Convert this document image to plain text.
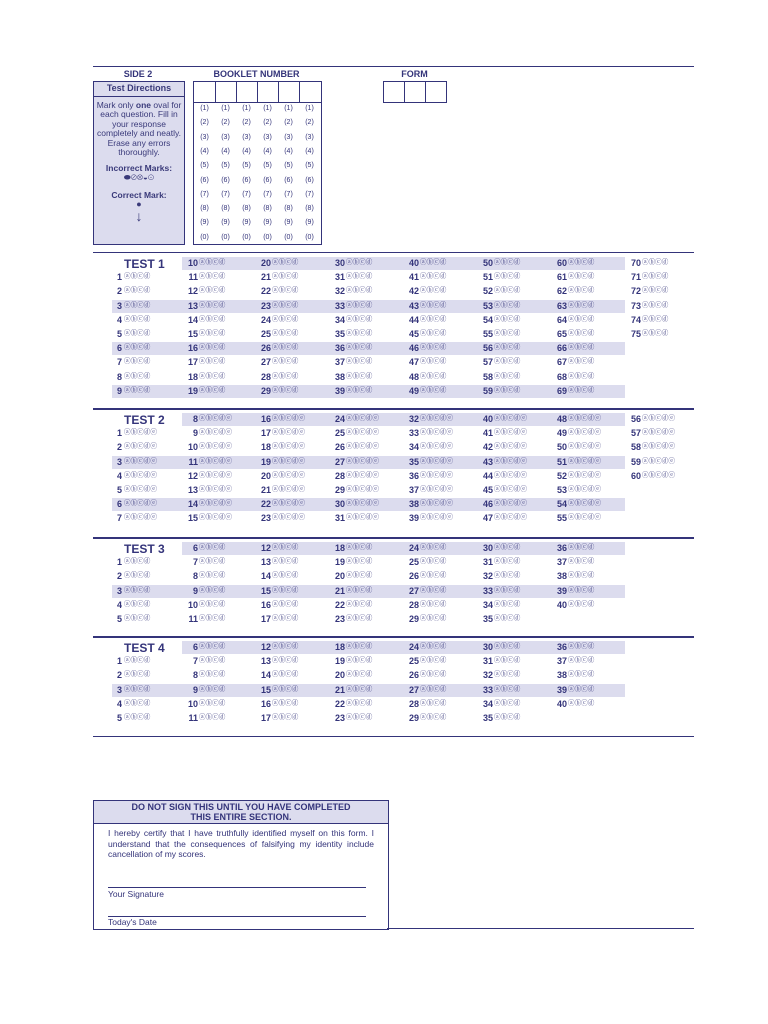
SIDE 2	BOOKLET NUMBER	FORM
Test Directions

Mark only one oval for each question. Fill in your response completely and neatly. Erase any errors thoroughly.

Incorrect Marks:
⬬⊘⊗◒⊙
Correct Mark:
●
↓
(1)	(1)	(1)	(1)	(1)	(1)
(2)	(2)	(2)	(2)	(2)	(2)
(3)	(3)	(3)	(3)	(3)	(3)
(4)	(4)	(4)	(4)	(4)	(4)
(5)	(5)	(5)	(5)	(5)	(5)
(6)	(6)	(6)	(6)	(6)	(6)
(7)	(7)	(7)	(7)	(7)	(7)
(8)	(8)	(8)	(8)	(8)	(8)
(9)	(9)	(9)	(9)	(9)	(9)
(0)	(0)	(0)	(0)	(0)	(0)
TEST 1
1 ⓐⓑⓒⓓ
2 ⓐⓑⓒⓓ
3 ⓐⓑⓒⓓ
4 ⓐⓑⓒⓓ
5 ⓐⓑⓒⓓ
6 ⓐⓑⓒⓓ
7 ⓐⓑⓒⓓ
8 ⓐⓑⓒⓓ
9 ⓐⓑⓒⓓ
10 ⓐⓑⓒⓓ
11 ⓐⓑⓒⓓ
12 ⓐⓑⓒⓓ
13 ⓐⓑⓒⓓ
14 ⓐⓑⓒⓓ
15 ⓐⓑⓒⓓ
16 ⓐⓑⓒⓓ
17 ⓐⓑⓒⓓ
18 ⓐⓑⓒⓓ
19 ⓐⓑⓒⓓ
20 ⓐⓑⓒⓓ
21 ⓐⓑⓒⓓ
22 ⓐⓑⓒⓓ
23 ⓐⓑⓒⓓ
24 ⓐⓑⓒⓓ
25 ⓐⓑⓒⓓ
26 ⓐⓑⓒⓓ
27 ⓐⓑⓒⓓ
28 ⓐⓑⓒⓓ
29 ⓐⓑⓒⓓ
30 ⓐⓑⓒⓓ
31 ⓐⓑⓒⓓ
32 ⓐⓑⓒⓓ
33 ⓐⓑⓒⓓ
34 ⓐⓑⓒⓓ
35 ⓐⓑⓒⓓ
36 ⓐⓑⓒⓓ
37 ⓐⓑⓒⓓ
38 ⓐⓑⓒⓓ
39 ⓐⓑⓒⓓ
40 ⓐⓑⓒⓓ
41 ⓐⓑⓒⓓ
42 ⓐⓑⓒⓓ
43 ⓐⓑⓒⓓ
44 ⓐⓑⓒⓓ
45 ⓐⓑⓒⓓ
46 ⓐⓑⓒⓓ
47 ⓐⓑⓒⓓ
48 ⓐⓑⓒⓓ
49 ⓐⓑⓒⓓ
50 ⓐⓑⓒⓓ
51 ⓐⓑⓒⓓ
52 ⓐⓑⓒⓓ
53 ⓐⓑⓒⓓ
54 ⓐⓑⓒⓓ
55 ⓐⓑⓒⓓ
56 ⓐⓑⓒⓓ
57 ⓐⓑⓒⓓ
58 ⓐⓑⓒⓓ
59 ⓐⓑⓒⓓ
60 ⓐⓑⓒⓓ
61 ⓐⓑⓒⓓ
62 ⓐⓑⓒⓓ
63 ⓐⓑⓒⓓ
64 ⓐⓑⓒⓓ
65 ⓐⓑⓒⓓ
66 ⓐⓑⓒⓓ
67 ⓐⓑⓒⓓ
68 ⓐⓑⓒⓓ
69 ⓐⓑⓒⓓ
70 ⓐⓑⓒⓓ
71 ⓐⓑⓒⓓ
72 ⓐⓑⓒⓓ
73 ⓐⓑⓒⓓ
74 ⓐⓑⓒⓓ
75 ⓐⓑⓒⓓ
TEST 2
1 ⓐⓑⓒⓓⓔ
2 ⓐⓑⓒⓓⓔ
3 ⓐⓑⓒⓓⓔ
4 ⓐⓑⓒⓓⓔ
5 ⓐⓑⓒⓓⓔ
6 ⓐⓑⓒⓓⓔ
7 ⓐⓑⓒⓓⓔ
8 ⓐⓑⓒⓓⓔ
9 ⓐⓑⓒⓓⓔ
10 ⓐⓑⓒⓓⓔ
11 ⓐⓑⓒⓓⓔ
12 ⓐⓑⓒⓓⓔ
13 ⓐⓑⓒⓓⓔ
14 ⓐⓑⓒⓓⓔ
15 ⓐⓑⓒⓓⓔ
16 ⓐⓑⓒⓓⓔ
17 ⓐⓑⓒⓓⓔ
18 ⓐⓑⓒⓓⓔ
19 ⓐⓑⓒⓓⓔ
20 ⓐⓑⓒⓓⓔ
21 ⓐⓑⓒⓓⓔ
22 ⓐⓑⓒⓓⓔ
23 ⓐⓑⓒⓓⓔ
24 ⓐⓑⓒⓓⓔ
25 ⓐⓑⓒⓓⓔ
26 ⓐⓑⓒⓓⓔ
27 ⓐⓑⓒⓓⓔ
28 ⓐⓑⓒⓓⓔ
29 ⓐⓑⓒⓓⓔ
30 ⓐⓑⓒⓓⓔ
31 ⓐⓑⓒⓓⓔ
32 ⓐⓑⓒⓓⓔ
33 ⓐⓑⓒⓓⓔ
34 ⓐⓑⓒⓓⓔ
35 ⓐⓑⓒⓓⓔ
36 ⓐⓑⓒⓓⓔ
37 ⓐⓑⓒⓓⓔ
38 ⓐⓑⓒⓓⓔ
39 ⓐⓑⓒⓓⓔ
40 ⓐⓑⓒⓓⓔ
41 ⓐⓑⓒⓓⓔ
42 ⓐⓑⓒⓓⓔ
43 ⓐⓑⓒⓓⓔ
44 ⓐⓑⓒⓓⓔ
45 ⓐⓑⓒⓓⓔ
46 ⓐⓑⓒⓓⓔ
47 ⓐⓑⓒⓓⓔ
48 ⓐⓑⓒⓓⓔ
49 ⓐⓑⓒⓓⓔ
50 ⓐⓑⓒⓓⓔ
51 ⓐⓑⓒⓓⓔ
52 ⓐⓑⓒⓓⓔ
53 ⓐⓑⓒⓓⓔ
54 ⓐⓑⓒⓓⓔ
55 ⓐⓑⓒⓓⓔ
56 ⓐⓑⓒⓓⓔ
57 ⓐⓑⓒⓓⓔ
58 ⓐⓑⓒⓓⓔ
59 ⓐⓑⓒⓓⓔ
60 ⓐⓑⓒⓓⓔ
TEST 3
1 ⓐⓑⓒⓓ
2 ⓐⓑⓒⓓ
3 ⓐⓑⓒⓓ
4 ⓐⓑⓒⓓ
5 ⓐⓑⓒⓓ
6 ⓐⓑⓒⓓ
7 ⓐⓑⓒⓓ
8 ⓐⓑⓒⓓ
9 ⓐⓑⓒⓓ
10 ⓐⓑⓒⓓ
11 ⓐⓑⓒⓓ
12 ⓐⓑⓒⓓ
13 ⓐⓑⓒⓓ
14 ⓐⓑⓒⓓ
15 ⓐⓑⓒⓓ
16 ⓐⓑⓒⓓ
17 ⓐⓑⓒⓓ
18 ⓐⓑⓒⓓ
19 ⓐⓑⓒⓓ
20 ⓐⓑⓒⓓ
21 ⓐⓑⓒⓓ
22 ⓐⓑⓒⓓ
23 ⓐⓑⓒⓓ
24 ⓐⓑⓒⓓ
25 ⓐⓑⓒⓓ
26 ⓐⓑⓒⓓ
27 ⓐⓑⓒⓓ
28 ⓐⓑⓒⓓ
29 ⓐⓑⓒⓓ
30 ⓐⓑⓒⓓ
31 ⓐⓑⓒⓓ
32 ⓐⓑⓒⓓ
33 ⓐⓑⓒⓓ
34 ⓐⓑⓒⓓ
35 ⓐⓑⓒⓓ
36 ⓐⓑⓒⓓ
37 ⓐⓑⓒⓓ
38 ⓐⓑⓒⓓ
39 ⓐⓑⓒⓓ
40 ⓐⓑⓒⓓ
TEST 4
1 ⓐⓑⓒⓓ
2 ⓐⓑⓒⓓ
3 ⓐⓑⓒⓓ
4 ⓐⓑⓒⓓ
5 ⓐⓑⓒⓓ
6 ⓐⓑⓒⓓ
7 ⓐⓑⓒⓓ
8 ⓐⓑⓒⓓ
9 ⓐⓑⓒⓓ
10 ⓐⓑⓒⓓ
11 ⓐⓑⓒⓓ
12 ⓐⓑⓒⓓ
13 ⓐⓑⓒⓓ
14 ⓐⓑⓒⓓ
15 ⓐⓑⓒⓓ
16 ⓐⓑⓒⓓ
17 ⓐⓑⓒⓓ
18 ⓐⓑⓒⓓ
19 ⓐⓑⓒⓓ
20 ⓐⓑⓒⓓ
21 ⓐⓑⓒⓓ
22 ⓐⓑⓒⓓ
23 ⓐⓑⓒⓓ
24 ⓐⓑⓒⓓ
25 ⓐⓑⓒⓓ
26 ⓐⓑⓒⓓ
27 ⓐⓑⓒⓓ
28 ⓐⓑⓒⓓ
29 ⓐⓑⓒⓓ
30 ⓐⓑⓒⓓ
31 ⓐⓑⓒⓓ
32 ⓐⓑⓒⓓ
33 ⓐⓑⓒⓓ
34 ⓐⓑⓒⓓ
35 ⓐⓑⓒⓓ
36 ⓐⓑⓒⓓ
37 ⓐⓑⓒⓓ
38 ⓐⓑⓒⓓ
39 ⓐⓑⓒⓓ
40 ⓐⓑⓒⓓ
DO NOT SIGN THIS UNTIL YOU HAVE COMPLETED
THIS ENTIRE SECTION.
I hereby certify that I have truthfully identified myself on this form. I understand that the consequences of falsifying my identity include cancellation of my scores.
Your Signature
Today's Date
